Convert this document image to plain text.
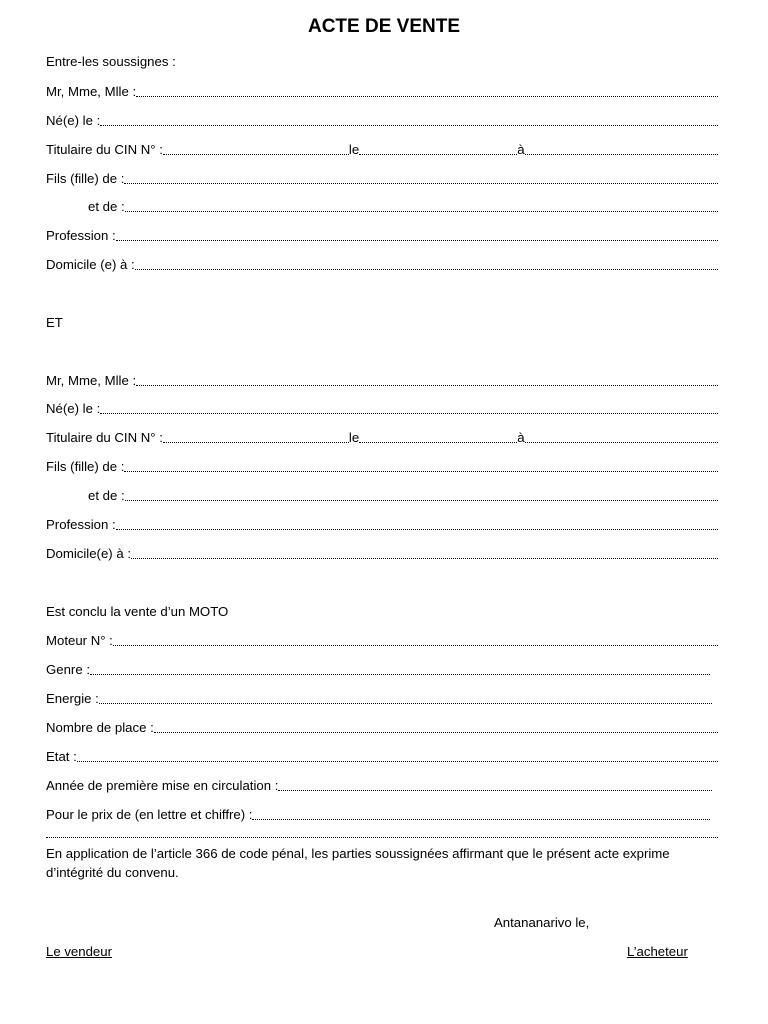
ACTE DE VENTE
Entre-les soussignes :
Mr, Mme, Mlle :
Né(e) le :
Titulaire du CIN N° :	le	à
Fils (fille) de :
et de :
Profession :
Domicile (e) à :
ET
Mr, Mme, Mlle :
Né(e) le :
Titulaire du CIN N° :	le	à
Fils (fille) de :
et de :
Profession :
Domicile(e) à :
Est conclu la vente d’un MOTO
Moteur N° :
Genre :
Energie :
Nombre de place :
Etat :
Année de première mise en circulation :
Pour le prix de (en lettre et chiffre) :
En application de l’article 366 de code pénal, les parties soussignées affirmant que le présent acte exprime d’intégrité du convenu.
Antananarivo le,
Le vendeur	L’acheteur
